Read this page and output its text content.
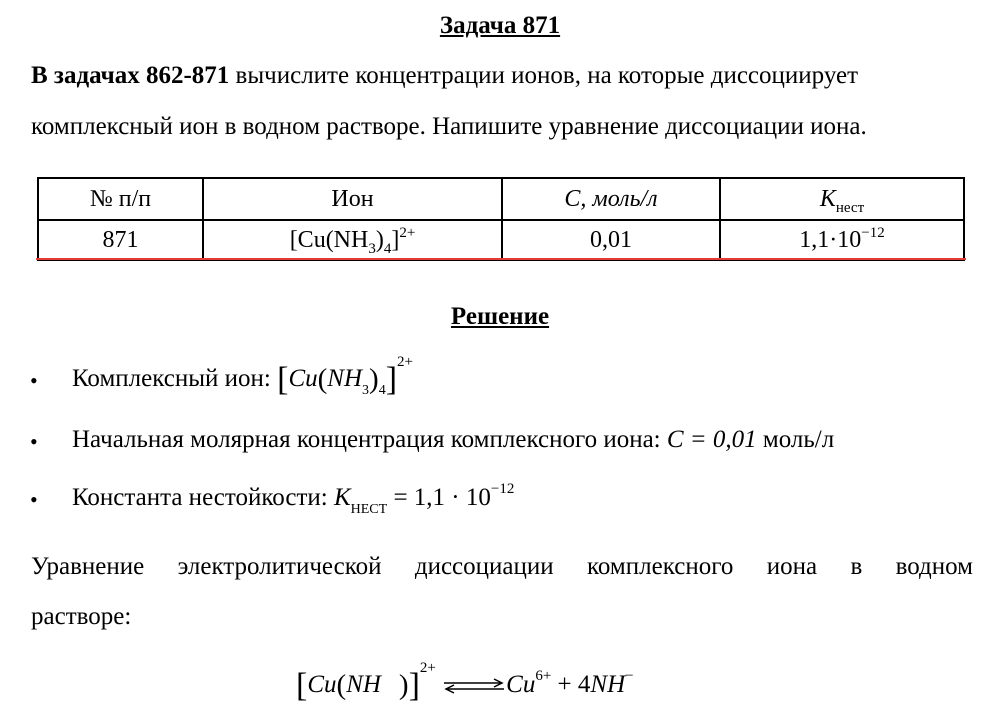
Задача 871
В задачах 862-871 вычислите концентрации ионов, на которые диссоциирует
комплексный ион в водном растворе. Напишите уравнение диссоциации иона.
№ п/п	Ион	C, моль/л	$K_{нест}$
871	$[Cu(NH_3)_4]^{2+}$	0,01	$1,1\cdot 10^{-12}$
Решение
• Комплексный ион: $[Cu(NH_3)_4]^{2+}$
• Начальная молярная концентрация комплексного иона: C = 0,01 моль/л
• Константа нестойкости: $K_{НЕСТ} = 1,1 \cdot 10^{-12}$
Уравнение электролитической диссоциации комплексного иона в водном
растворе:
[Cu(NH )]$^{2+}$ $\rightleftharpoons Cu^{6+} + 4NH^-$
